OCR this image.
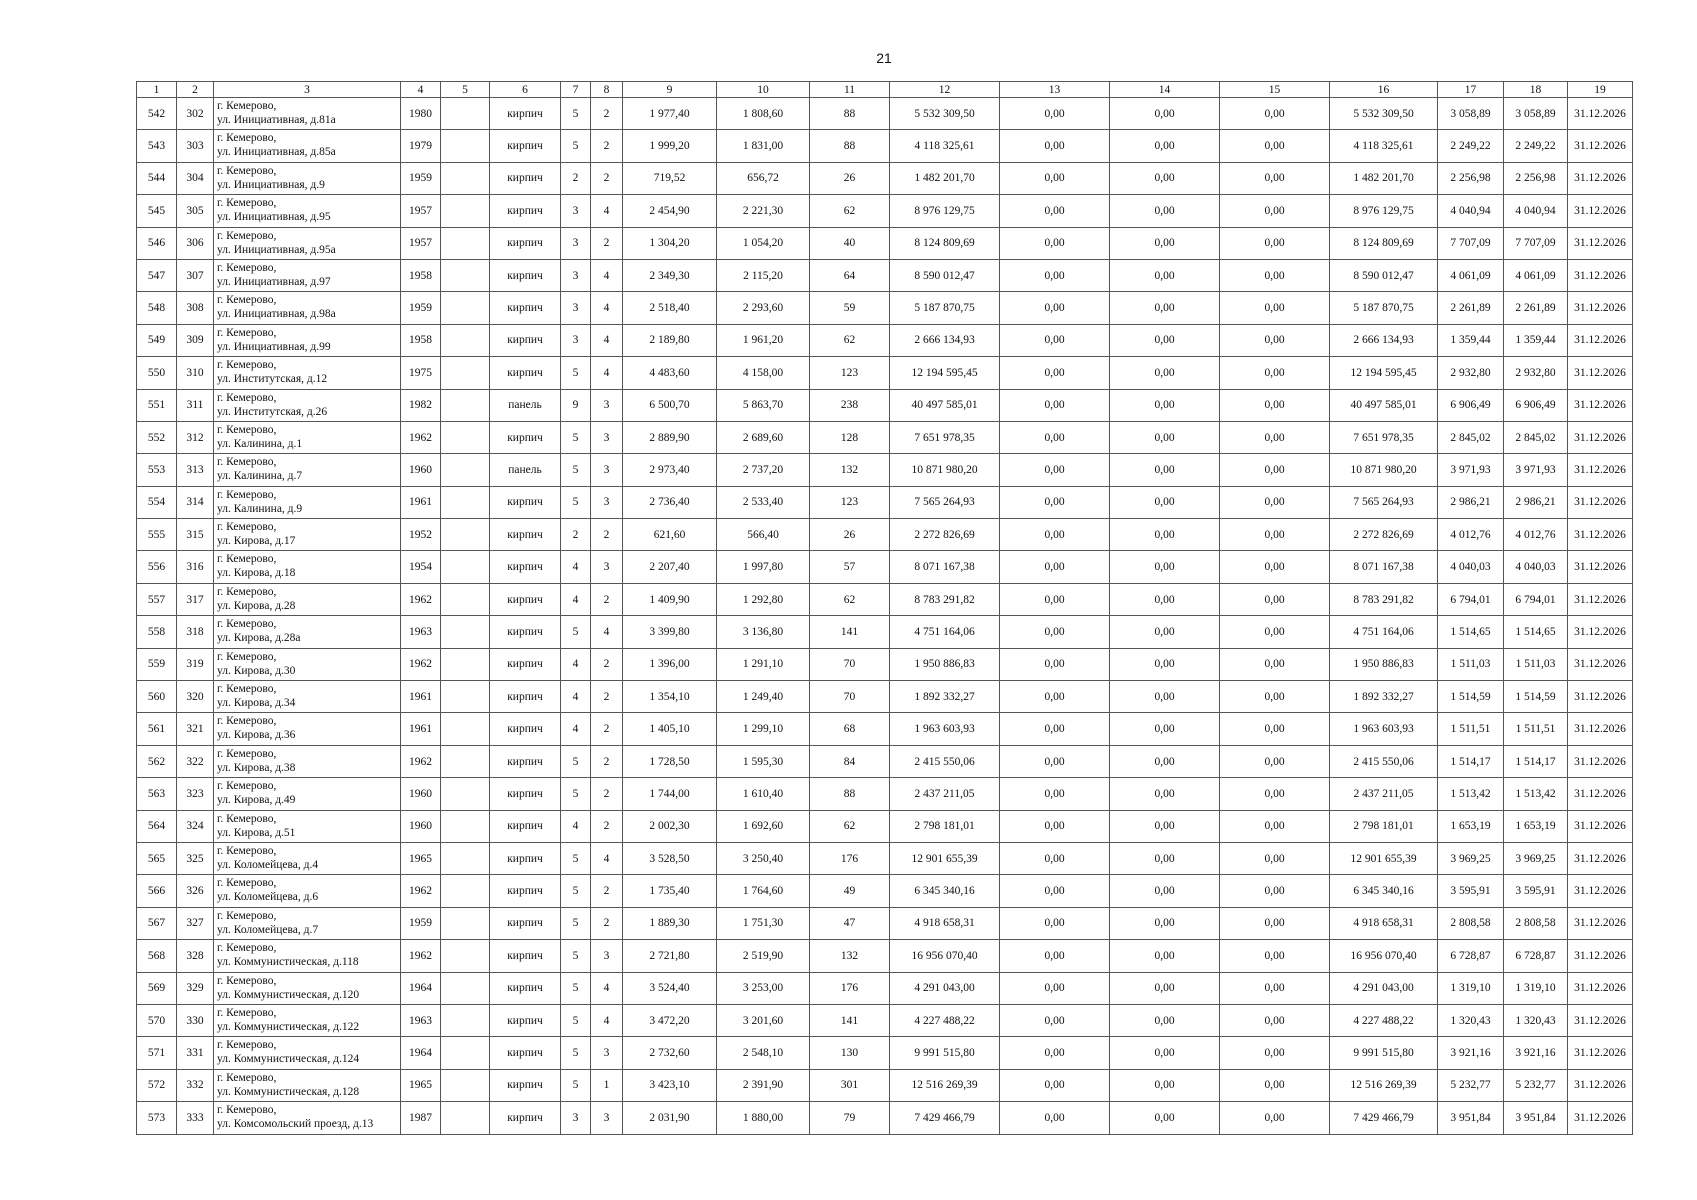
21
1	2	3	4	5	6	7	8	9	10	11	12	13	14	15	16	17	18	19
542	302	г. Кемерово,
ул. Инициативная, д.81а	1980		кирпич	5	2	1 977,40	1 808,60	88	5 532 309,50	0,00	0,00	0,00	5 532 309,50	3 058,89	3 058,89	31.12.2026
543	303	г. Кемерово,
ул. Инициативная, д.85а	1979		кирпич	5	2	1 999,20	1 831,00	88	4 118 325,61	0,00	0,00	0,00	4 118 325,61	2 249,22	2 249,22	31.12.2026
544	304	г. Кемерово,
ул. Инициативная, д.9	1959		кирпич	2	2	719,52	656,72	26	1 482 201,70	0,00	0,00	0,00	1 482 201,70	2 256,98	2 256,98	31.12.2026
545	305	г. Кемерово,
ул. Инициативная, д.95	1957		кирпич	3	4	2 454,90	2 221,30	62	8 976 129,75	0,00	0,00	0,00	8 976 129,75	4 040,94	4 040,94	31.12.2026
546	306	г. Кемерово,
ул. Инициативная, д.95а	1957		кирпич	3	2	1 304,20	1 054,20	40	8 124 809,69	0,00	0,00	0,00	8 124 809,69	7 707,09	7 707,09	31.12.2026
547	307	г. Кемерово,
ул. Инициативная, д.97	1958		кирпич	3	4	2 349,30	2 115,20	64	8 590 012,47	0,00	0,00	0,00	8 590 012,47	4 061,09	4 061,09	31.12.2026
548	308	г. Кемерово,
ул. Инициативная, д.98а	1959		кирпич	3	4	2 518,40	2 293,60	59	5 187 870,75	0,00	0,00	0,00	5 187 870,75	2 261,89	2 261,89	31.12.2026
549	309	г. Кемерово,
ул. Инициативная, д.99	1958		кирпич	3	4	2 189,80	1 961,20	62	2 666 134,93	0,00	0,00	0,00	2 666 134,93	1 359,44	1 359,44	31.12.2026
550	310	г. Кемерово,
ул. Институтская, д.12	1975		кирпич	5	4	4 483,60	4 158,00	123	12 194 595,45	0,00	0,00	0,00	12 194 595,45	2 932,80	2 932,80	31.12.2026
551	311	г. Кемерово,
ул. Институтская, д.26	1982		панель	9	3	6 500,70	5 863,70	238	40 497 585,01	0,00	0,00	0,00	40 497 585,01	6 906,49	6 906,49	31.12.2026
552	312	г. Кемерово,
ул. Калинина, д.1	1962		кирпич	5	3	2 889,90	2 689,60	128	7 651 978,35	0,00	0,00	0,00	7 651 978,35	2 845,02	2 845,02	31.12.2026
553	313	г. Кемерово,
ул. Калинина, д.7	1960		панель	5	3	2 973,40	2 737,20	132	10 871 980,20	0,00	0,00	0,00	10 871 980,20	3 971,93	3 971,93	31.12.2026
554	314	г. Кемерово,
ул. Калинина, д.9	1961		кирпич	5	3	2 736,40	2 533,40	123	7 565 264,93	0,00	0,00	0,00	7 565 264,93	2 986,21	2 986,21	31.12.2026
555	315	г. Кемерово,
ул. Кирова, д.17	1952		кирпич	2	2	621,60	566,40	26	2 272 826,69	0,00	0,00	0,00	2 272 826,69	4 012,76	4 012,76	31.12.2026
556	316	г. Кемерово,
ул. Кирова, д.18	1954		кирпич	4	3	2 207,40	1 997,80	57	8 071 167,38	0,00	0,00	0,00	8 071 167,38	4 040,03	4 040,03	31.12.2026
557	317	г. Кемерово,
ул. Кирова, д.28	1962		кирпич	4	2	1 409,90	1 292,80	62	8 783 291,82	0,00	0,00	0,00	8 783 291,82	6 794,01	6 794,01	31.12.2026
558	318	г. Кемерово,
ул. Кирова, д.28а	1963		кирпич	5	4	3 399,80	3 136,80	141	4 751 164,06	0,00	0,00	0,00	4 751 164,06	1 514,65	1 514,65	31.12.2026
559	319	г. Кемерово,
ул. Кирова, д.30	1962		кирпич	4	2	1 396,00	1 291,10	70	1 950 886,83	0,00	0,00	0,00	1 950 886,83	1 511,03	1 511,03	31.12.2026
560	320	г. Кемерово,
ул. Кирова, д.34	1961		кирпич	4	2	1 354,10	1 249,40	70	1 892 332,27	0,00	0,00	0,00	1 892 332,27	1 514,59	1 514,59	31.12.2026
561	321	г. Кемерово,
ул. Кирова, д.36	1961		кирпич	4	2	1 405,10	1 299,10	68	1 963 603,93	0,00	0,00	0,00	1 963 603,93	1 511,51	1 511,51	31.12.2026
562	322	г. Кемерово,
ул. Кирова, д.38	1962		кирпич	5	2	1 728,50	1 595,30	84	2 415 550,06	0,00	0,00	0,00	2 415 550,06	1 514,17	1 514,17	31.12.2026
563	323	г. Кемерово,
ул. Кирова, д.49	1960		кирпич	5	2	1 744,00	1 610,40	88	2 437 211,05	0,00	0,00	0,00	2 437 211,05	1 513,42	1 513,42	31.12.2026
564	324	г. Кемерово,
ул. Кирова, д.51	1960		кирпич	4	2	2 002,30	1 692,60	62	2 798 181,01	0,00	0,00	0,00	2 798 181,01	1 653,19	1 653,19	31.12.2026
565	325	г. Кемерово,
ул. Коломейцева, д.4	1965		кирпич	5	4	3 528,50	3 250,40	176	12 901 655,39	0,00	0,00	0,00	12 901 655,39	3 969,25	3 969,25	31.12.2026
566	326	г. Кемерово,
ул. Коломейцева, д.6	1962		кирпич	5	2	1 735,40	1 764,60	49	6 345 340,16	0,00	0,00	0,00	6 345 340,16	3 595,91	3 595,91	31.12.2026
567	327	г. Кемерово,
ул. Коломейцева, д.7	1959		кирпич	5	2	1 889,30	1 751,30	47	4 918 658,31	0,00	0,00	0,00	4 918 658,31	2 808,58	2 808,58	31.12.2026
568	328	г. Кемерово,
ул. Коммунистическая, д.118	1962		кирпич	5	3	2 721,80	2 519,90	132	16 956 070,40	0,00	0,00	0,00	16 956 070,40	6 728,87	6 728,87	31.12.2026
569	329	г. Кемерово,
ул. Коммунистическая, д.120	1964		кирпич	5	4	3 524,40	3 253,00	176	4 291 043,00	0,00	0,00	0,00	4 291 043,00	1 319,10	1 319,10	31.12.2026
570	330	г. Кемерово,
ул. Коммунистическая, д.122	1963		кирпич	5	4	3 472,20	3 201,60	141	4 227 488,22	0,00	0,00	0,00	4 227 488,22	1 320,43	1 320,43	31.12.2026
571	331	г. Кемерово,
ул. Коммунистическая, д.124	1964		кирпич	5	3	2 732,60	2 548,10	130	9 991 515,80	0,00	0,00	0,00	9 991 515,80	3 921,16	3 921,16	31.12.2026
572	332	г. Кемерово,
ул. Коммунистическая, д.128	1965		кирпич	5	1	3 423,10	2 391,90	301	12 516 269,39	0,00	0,00	0,00	12 516 269,39	5 232,77	5 232,77	31.12.2026
573	333	г. Кемерово,
ул. Комсомольский проезд, д.13	1987		кирпич	3	3	2 031,90	1 880,00	79	7 429 466,79	0,00	0,00	0,00	7 429 466,79	3 951,84	3 951,84	31.12.2026
